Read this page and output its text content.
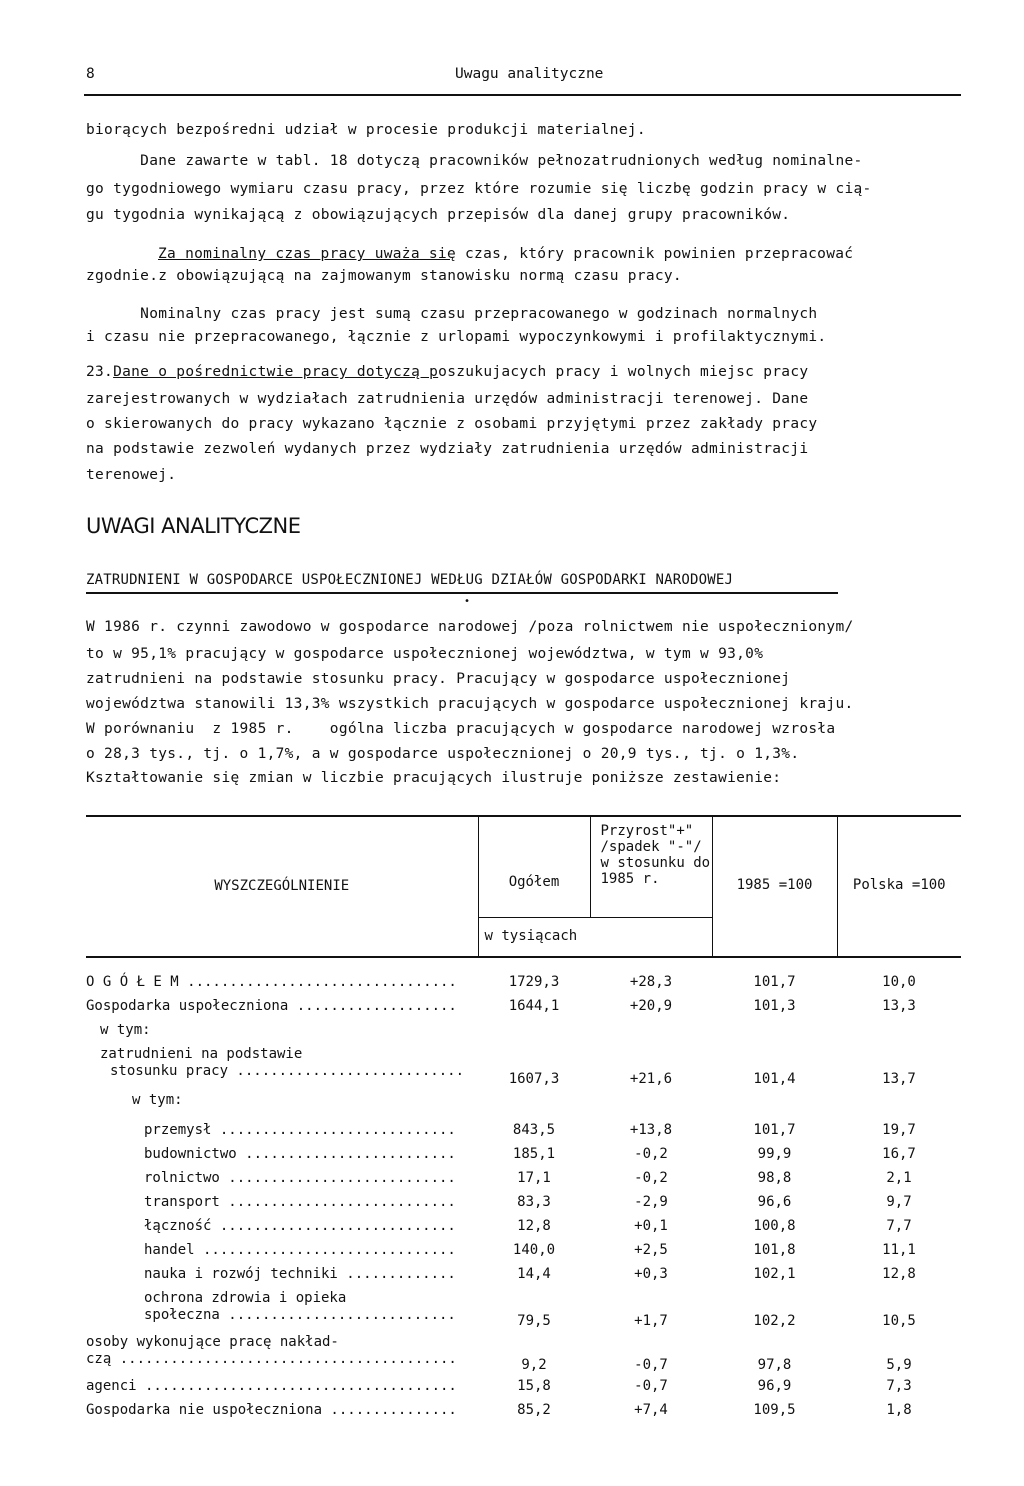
8	Uwagu analityczne
biorących bezpośredni udział w procesie produkcji materialnej.
Dane zawarte w tabl. 18 dotyczą pracowników pełnozatrudnionych według nominalne-
go tygodniowego wymiaru czasu pracy, przez które rozumie się liczbę godzin pracy w cią-
gu tygodnia wynikającą z obowiązujących przepisów dla danej grupy pracowników.
Za nominalny czas pracy uważa się czas, który pracownik powinien przepracować
zgodnie.z obowiązującą na zajmowanym stanowisku normą czasu pracy.
Nominalny czas pracy jest sumą czasu przepracowanego w godzinach normalnych
i czasu nie przepracowanego, łącznie z urlopami wypoczynkowymi i profilaktycznymi.
23.Dane o pośrednictwie pracy dotyczą poszukujacych pracy i wolnych miejsc pracy
zarejestrowanych w wydziałach zatrudnienia urzędów administracji terenowej. Dane
o skierowanych do pracy wykazano łącznie z osobami przyjętymi przez zakłady pracy
na podstawie zezwoleń wydanych przez wydziały zatrudnienia urzędów administracji
terenowej.
UWAGI ANALITYCZNE
ZATRUDNIENI W GOSPODARCE USPOŁECZNIONEJ WEDŁUG DZIAŁÓW GOSPODARKI NARODOWEJ
•
W 1986 r. czynni zawodowo w gospodarce narodowej /poza rolnictwem nie uspołecznionym/
to w 95,1% pracujący w gospodarce uspołecznionej województwa, w tym w 93,0%
zatrudnieni na podstawie stosunku pracy. Pracujący w gospodarce uspołecznionej
województwa stanowili 13,3% wszystkich pracujących w gospodarce uspołecznionej kraju.
W porównaniu  z 1985 r.    ogólna liczba pracujących w gospodarce narodowej wzrosła
o 28,3 tys., tj. o 1,7%, a w gospodarce uspołecznionej o 20,9 tys., tj. o 1,3%.
Kształtowanie się zmian w liczbie pracujących ilustruje poniższe zestawienie:
WYSZCZEGÓLNIENIE	Ogółem	Przyrost"+" /spadek "-"/ w stosunku do 1985 r.	1985 =100	Polska =100
	w tysiącach			
O G Ó Ł E M ................................	1729,3	+28,3	101,7	10,0
Gospodarka uspołeczniona ...................	1644,1	+20,9	101,3	13,3
w tym:				

zatrudnieni na podstawie
stosunku pracy ...........................	1607,3	+21,6	101,4	13,7
w tym:				
przemysł ............................	843,5	+13,8	101,7	19,7
budownictwo .........................	185,1	-0,2	99,9	16,7
rolnictwo ...........................	17,1	-0,2	98,8	2,1
transport ...........................	83,3	-2,9	96,6	9,7
łączność ............................	12,8	+0,1	100,8	7,7
handel ..............................	140,0	+2,5	101,8	11,1
nauka i rozwój techniki .............	14,4	+0,3	102,1	12,8

ochrona zdrowia i opieka
społeczna ...........................	79,5	+1,7	102,2	10,5

osoby wykonujące pracę nakład-
czą ........................................	9,2	-0,7	97,8	5,9
agenci .....................................	15,8	-0,7	96,9	7,3
Gospodarka nie uspołeczniona ...............	85,2	+7,4	109,5	1,8
